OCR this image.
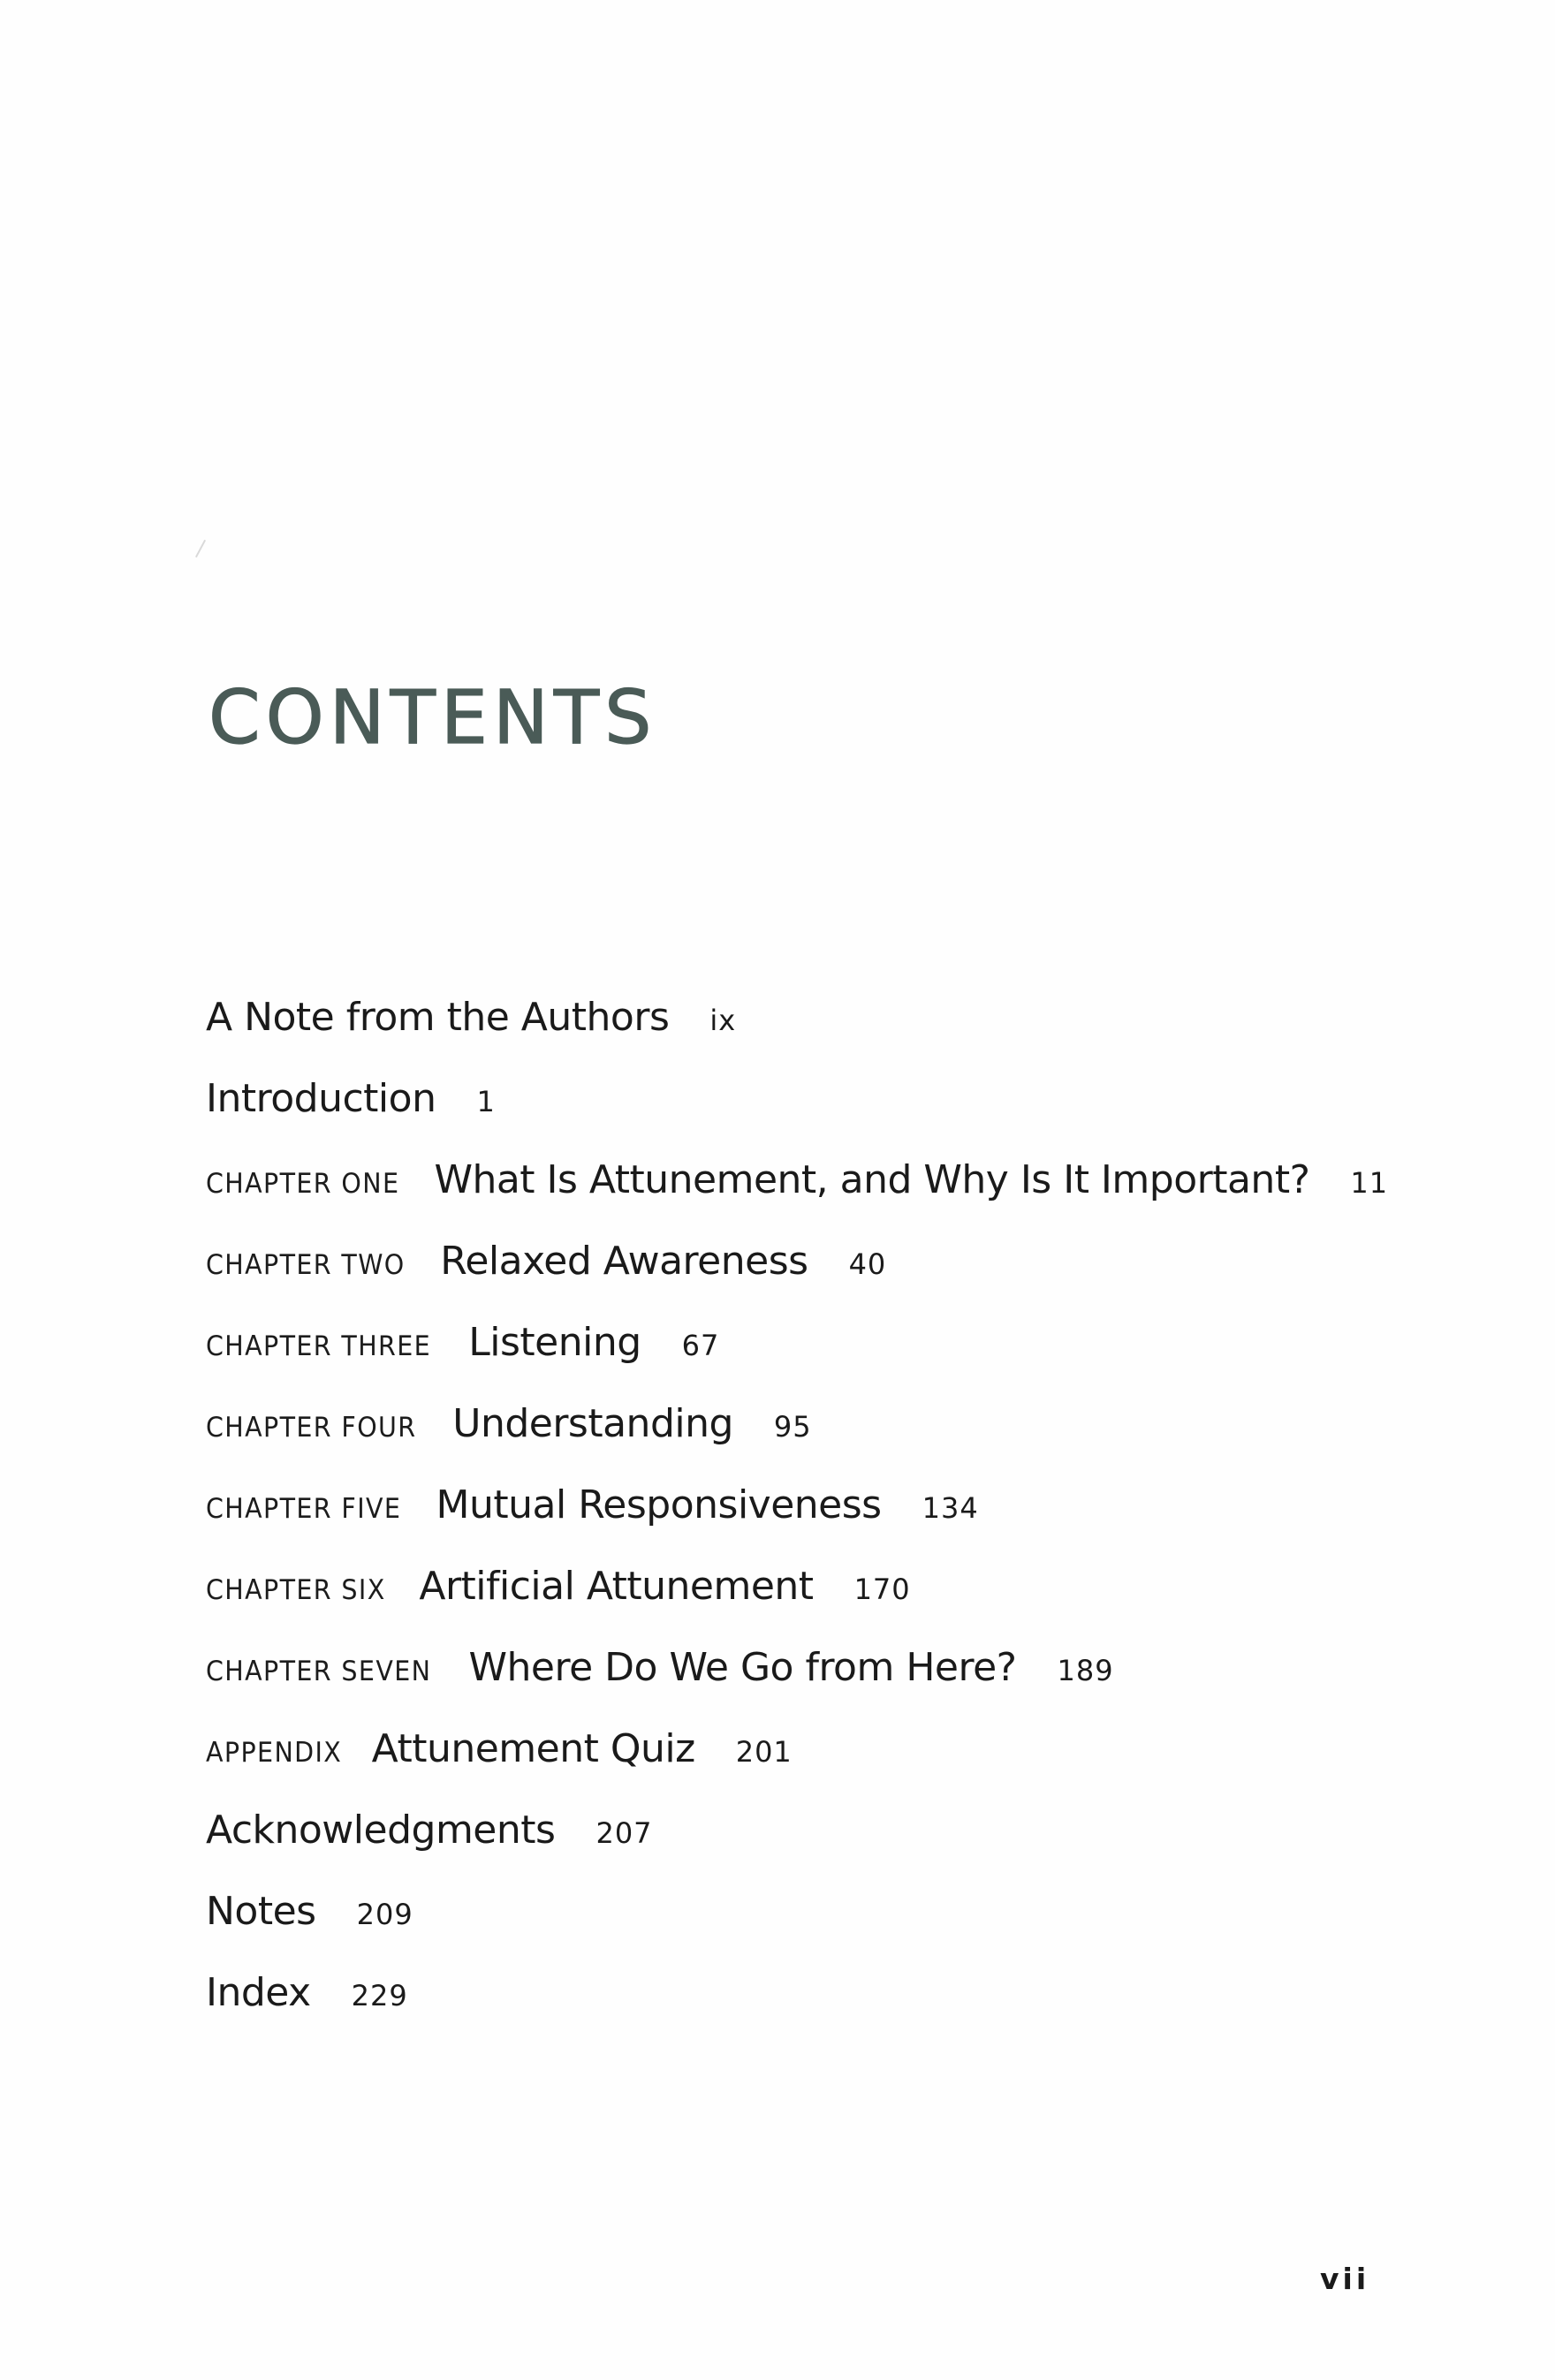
CONTENTS
A Note from the Authors ix
Introduction 1
CHAPTER ONE What Is Attunement, and Why Is It Important? 11
CHAPTER TWO Relaxed Awareness 40
CHAPTER THREE Listening 67
CHAPTER FOUR Understanding 95
CHAPTER FIVE Mutual Responsiveness 134
CHAPTER SIX Artificial Attunement 170
CHAPTER SEVEN Where Do We Go from Here? 189
APPENDIX Attunement Quiz 201
Acknowledgments 207
Notes 209
Index 229
vii
